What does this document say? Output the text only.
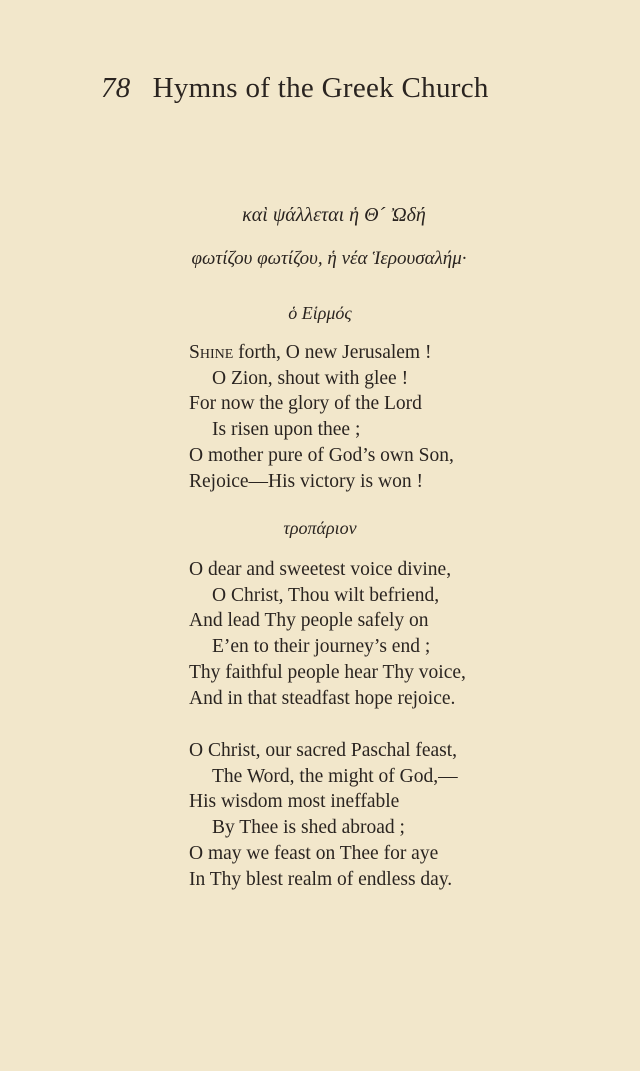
78 Hymns of the Greek Church
καὶ ψάλλεται ἡ Θ´ Ὠδή
φωτίζου φωτίζου, ἡ νέα Ἱερουσαλήμ·
ὁ Εἱρμός
Shine forth, O new Jerusalem !
O Zion, shout with glee !
For now the glory of the Lord
Is risen upon thee ;
O mother pure of God’s own Son,
Rejoice—His victory is won !
τροπάριον
O dear and sweetest voice divine,
O Christ, Thou wilt befriend,
And lead Thy people safely on
E’en to their journey’s end ;
Thy faithful people hear Thy voice,
And in that steadfast hope rejoice.
O Christ, our sacred Paschal feast,
The Word, the might of God,—
His wisdom most ineffable
By Thee is shed abroad ;
O may we feast on Thee for aye
In Thy blest realm of endless day.
